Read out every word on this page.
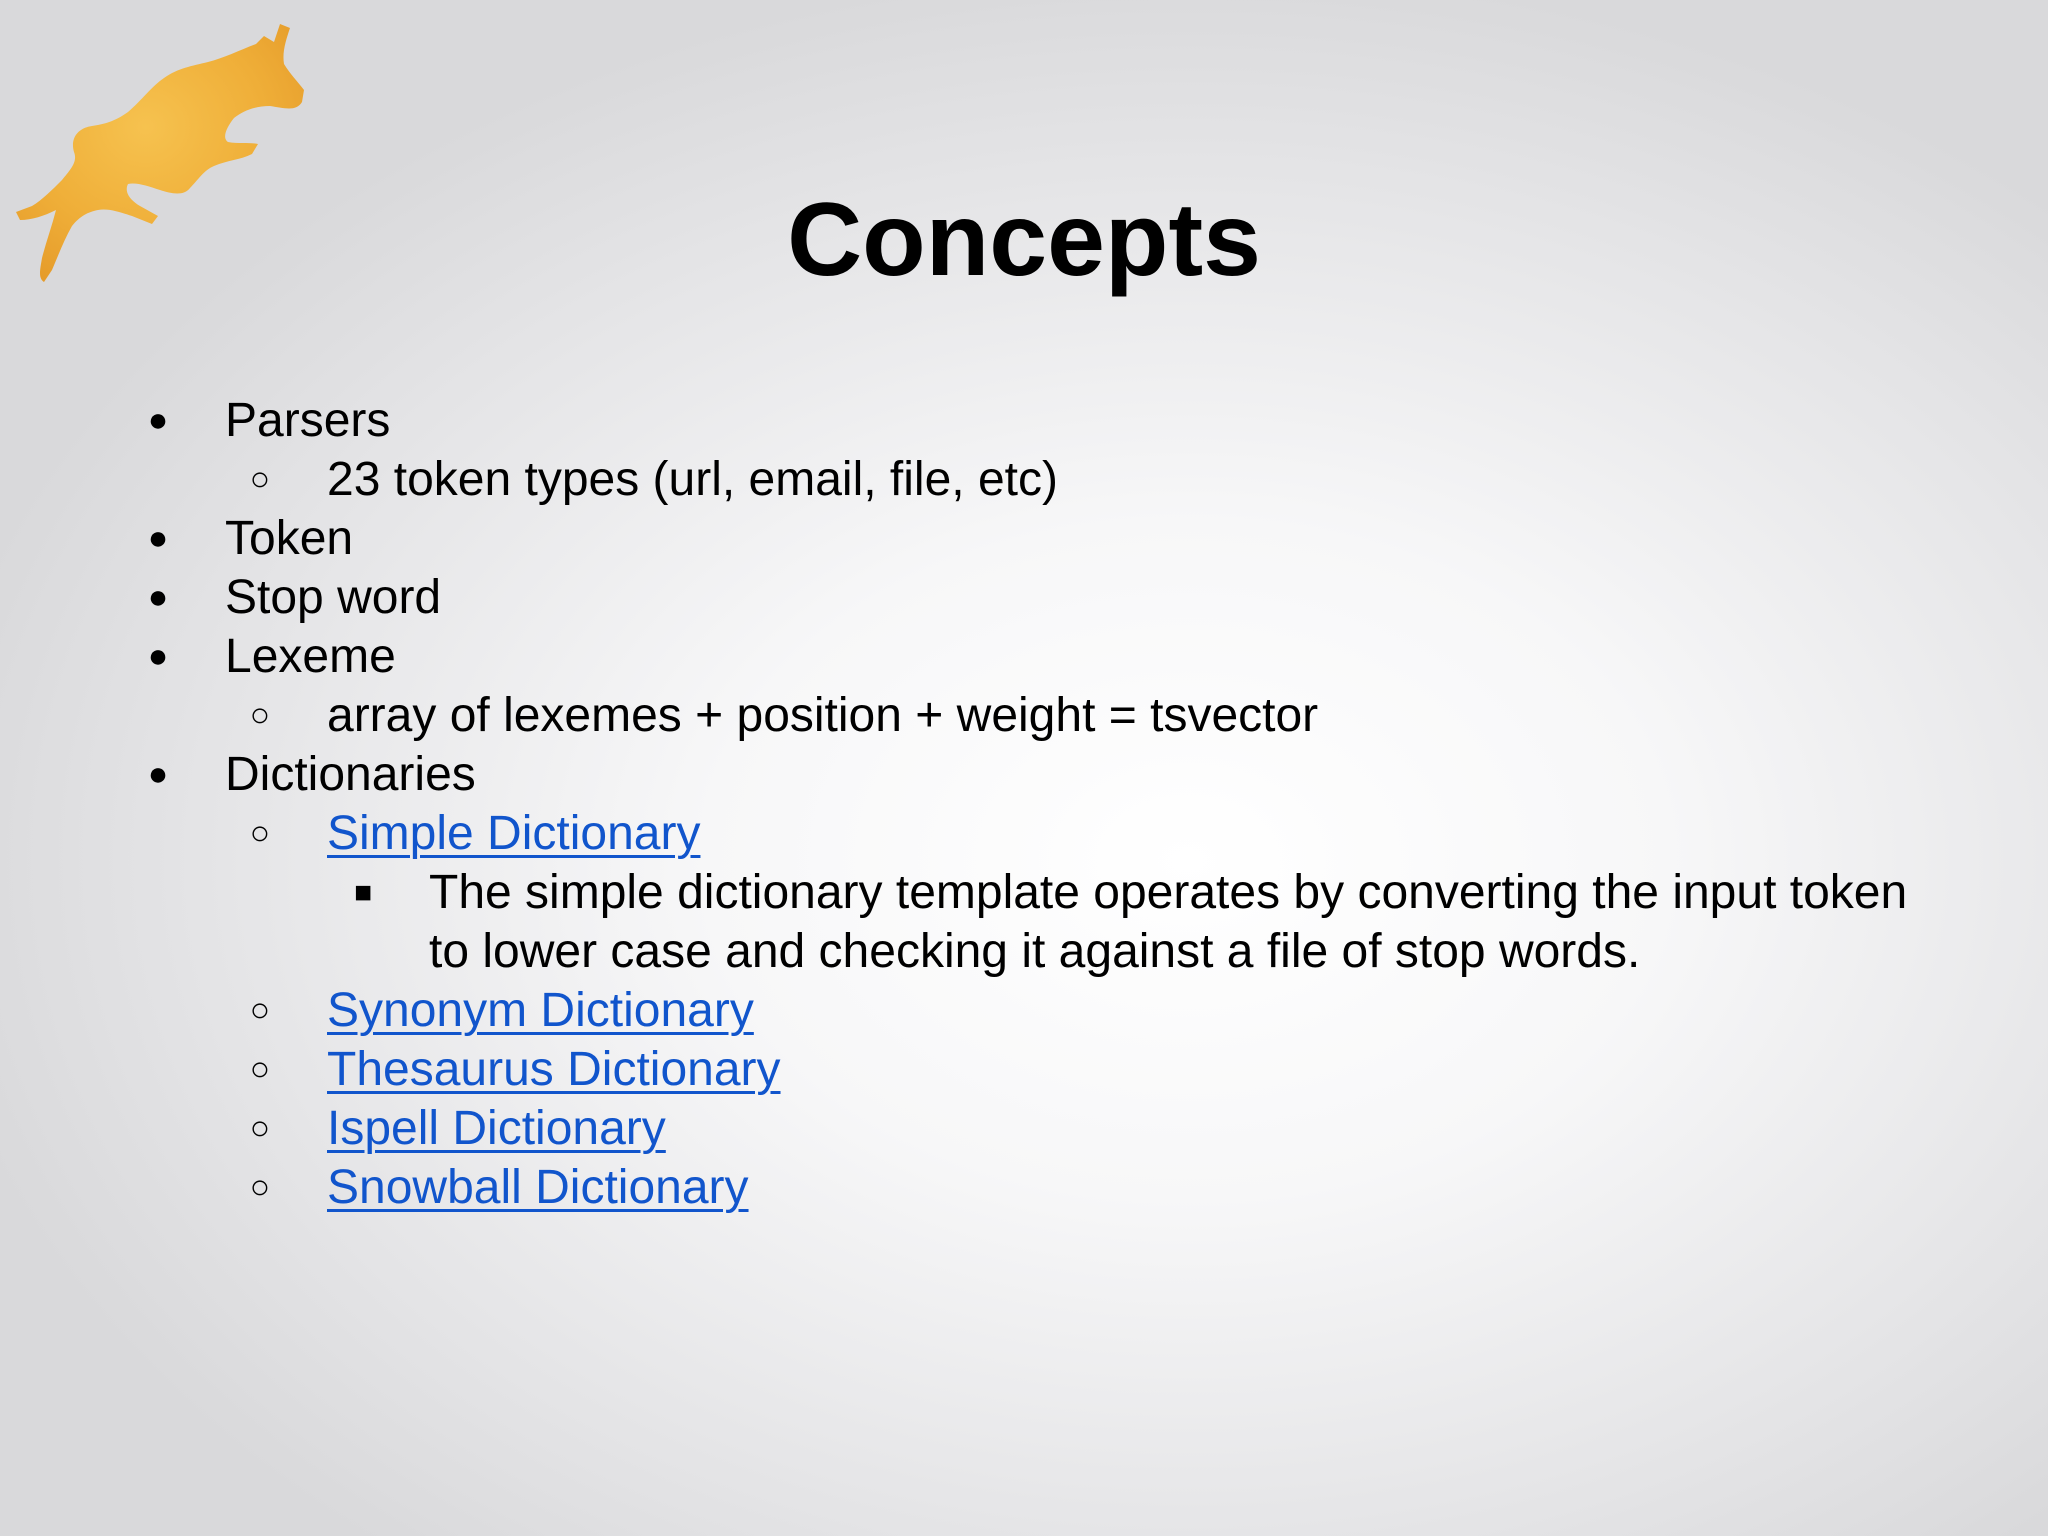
Concepts
● Parsers
○ 23 token types (url, email, file, etc)
● Token
● Stop word
● Lexeme
○ array of lexemes + position + weight = tsvector
● Dictionaries
○ Simple Dictionary
■ The simple dictionary template operates by converting the input token to lower case and checking it against a file of stop words.
○ Synonym Dictionary
○ Thesaurus Dictionary
○ Ispell Dictionary
○ Snowball Dictionary
